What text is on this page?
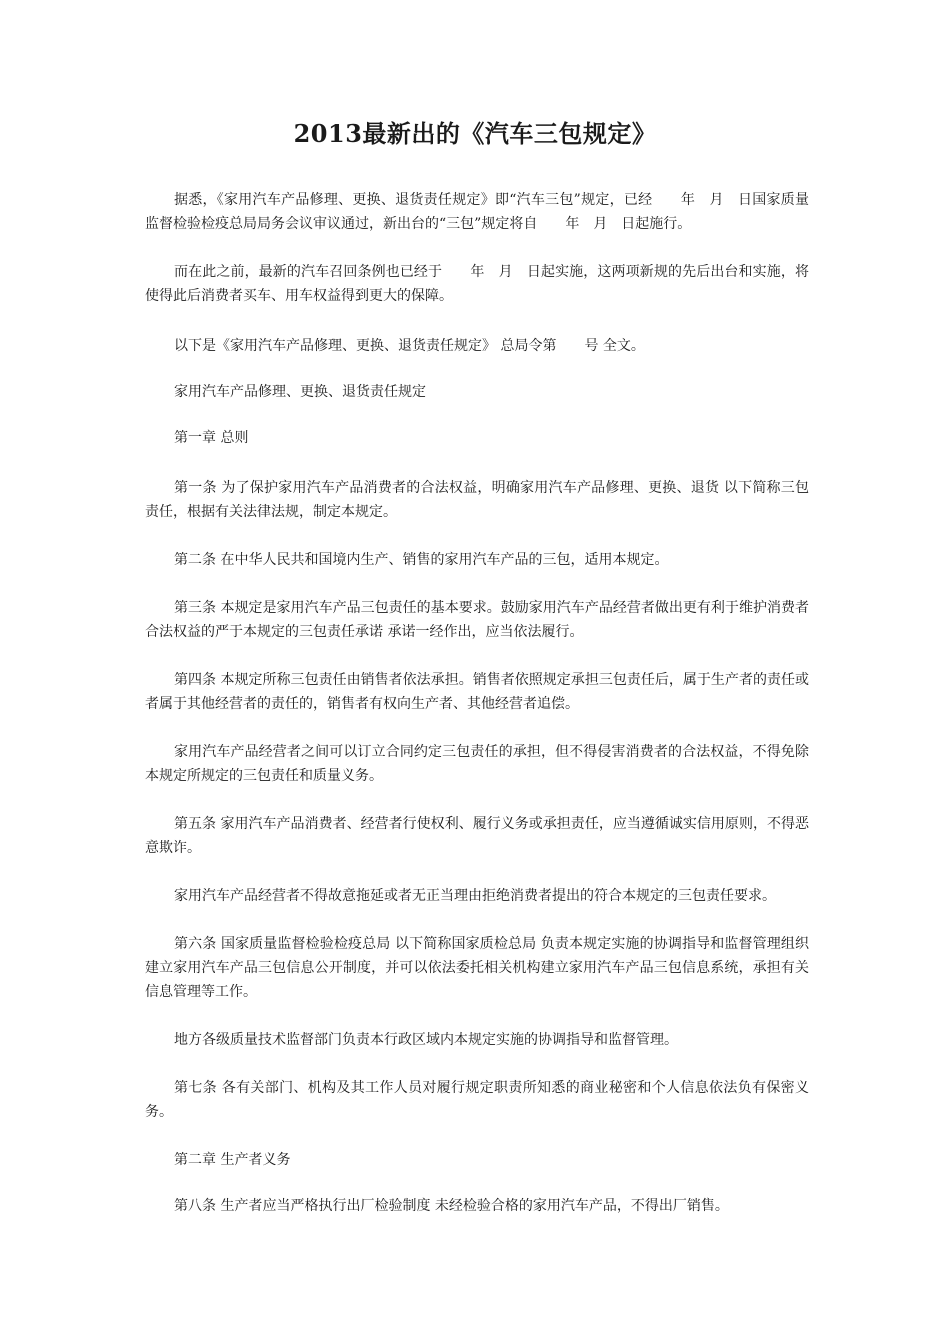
2013最新出的《汽车三包规定》

据悉，《家用汽车产品修理、更换、退货责任规定》即“汽车三包”规定，已经　　年　月　日国家质量监督检验检疫总局局务会议审议通过，新出台的“三包”规定将自　　年　月　日起施行。

而在此之前，最新的汽车召回条例也已经于　　年　月　日起实施，这两项新规的先后出台和实施，将使得此后消费者买车、用车权益得到更大的保障。

以下是《家用汽车产品修理、更换、退货责任规定》 总局令第　　号 全文。

家用汽车产品修理、更换、退货责任规定

第一章 总则

第一条 为了保护家用汽车产品消费者的合法权益，明确家用汽车产品修理、更换、退货 以下简称三包 责任，根据有关法律法规，制定本规定。

第二条 在中华人民共和国境内生产、销售的家用汽车产品的三包，适用本规定。

第三条 本规定是家用汽车产品三包责任的基本要求。鼓励家用汽车产品经营者做出更有利于维护消费者合法权益的严于本规定的三包责任承诺 承诺一经作出，应当依法履行。

第四条 本规定所称三包责任由销售者依法承担。销售者依照规定承担三包责任后，属于生产者的责任或者属于其他经营者的责任的，销售者有权向生产者、其他经营者追偿。

家用汽车产品经营者之间可以订立合同约定三包责任的承担，但不得侵害消费者的合法权益，不得免除本规定所规定的三包责任和质量义务。

第五条 家用汽车产品消费者、经营者行使权利、履行义务或承担责任，应当遵循诚实信用原则，不得恶意欺诈。

家用汽车产品经营者不得故意拖延或者无正当理由拒绝消费者提出的符合本规定的三包责任要求。

第六条 国家质量监督检验检疫总局 以下简称国家质检总局 负责本规定实施的协调指导和监督管理组织建立家用汽车产品三包信息公开制度，并可以依法委托相关机构建立家用汽车产品三包信息系统，承担有关信息管理等工作。

地方各级质量技术监督部门负责本行政区域内本规定实施的协调指导和监督管理。

第七条 各有关部门、机构及其工作人员对履行规定职责所知悉的商业秘密和个人信息依法负有保密义务。

第二章 生产者义务

第八条 生产者应当严格执行出厂检验制度 未经检验合格的家用汽车产品，不得出厂销售。
